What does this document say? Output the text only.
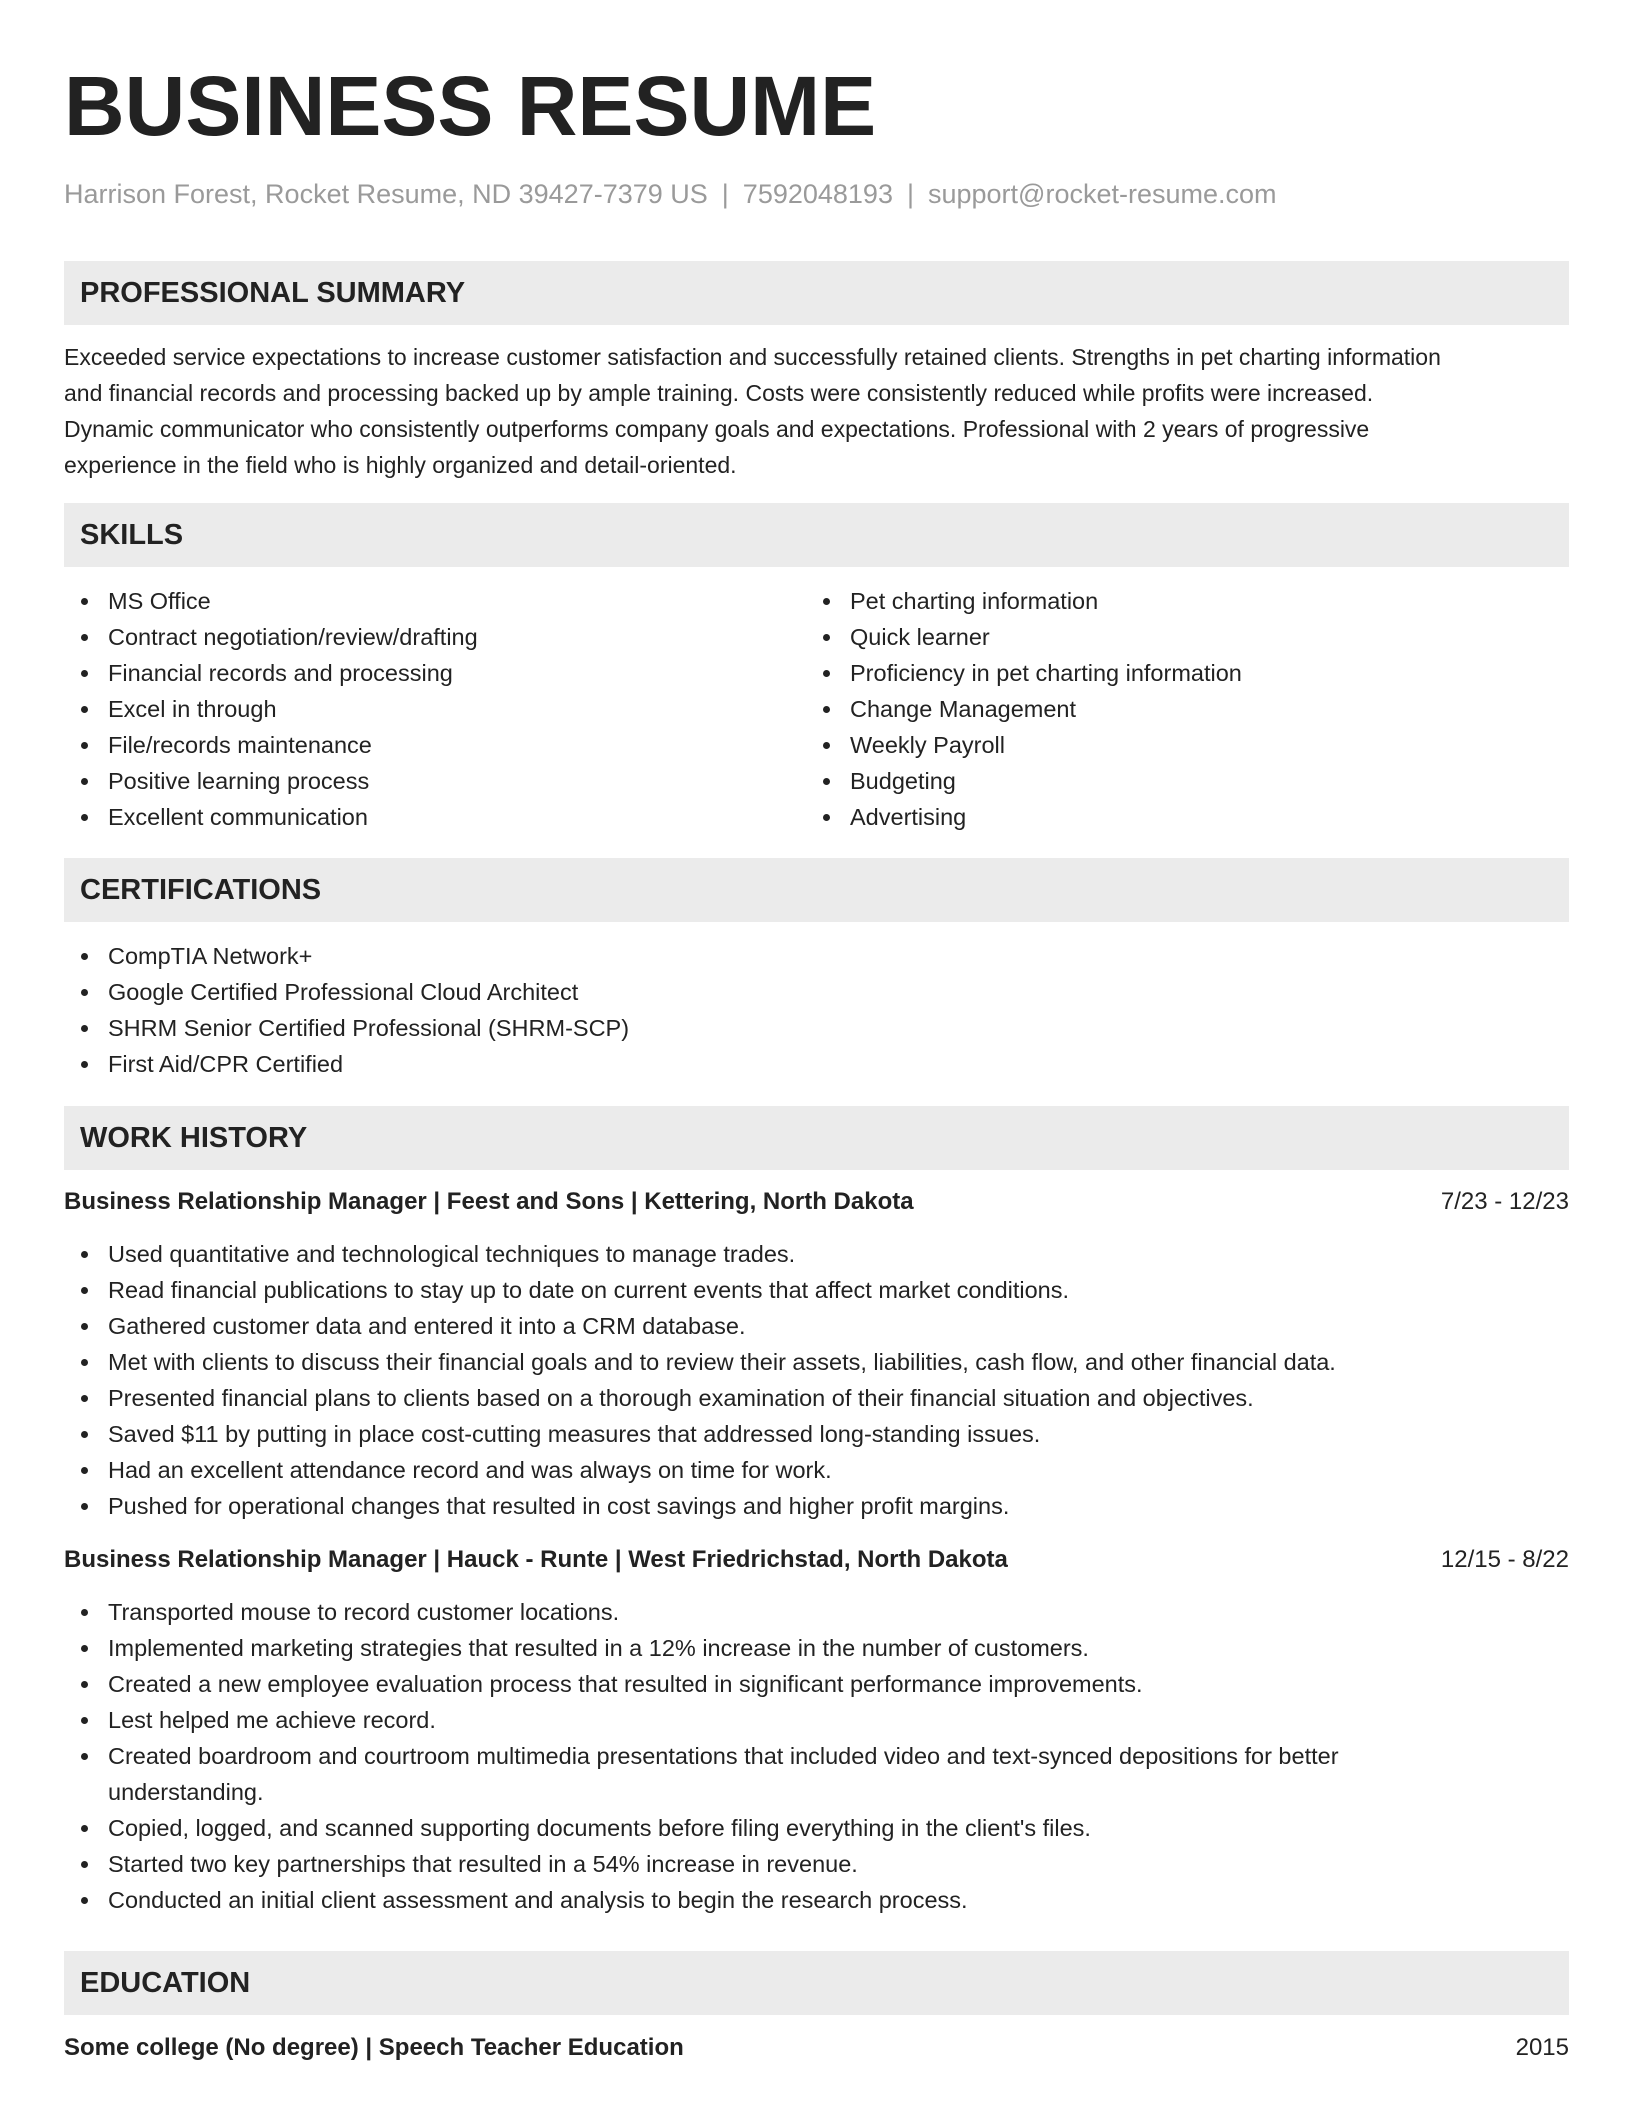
BUSINESS RESUME
Harrison Forest, Rocket Resume, ND 39427-7379 US | 7592048193 | support@rocket-resume.com
PROFESSIONAL SUMMARY
Exceeded service expectations to increase customer satisfaction and successfully retained clients. Strengths in pet charting information
and financial records and processing backed up by ample training. Costs were consistently reduced while profits were increased.
Dynamic communicator who consistently outperforms company goals and expectations. Professional with 2 years of progressive
experience in the field who is highly organized and detail-oriented.
SKILLS
MS Office
Contract negotiation/review/drafting
Financial records and processing
Excel in through
File/records maintenance
Positive learning process
Excellent communication
Pet charting information
Quick learner
Proficiency in pet charting information
Change Management
Weekly Payroll
Budgeting
Advertising
CERTIFICATIONS
CompTIA Network+
Google Certified Professional Cloud Architect
SHRM Senior Certified Professional (SHRM-SCP)
First Aid/CPR Certified
WORK HISTORY
Business Relationship Manager | Feest and Sons | Kettering, North Dakota	7/23 - 12/23
Used quantitative and technological techniques to manage trades.
Read financial publications to stay up to date on current events that affect market conditions.
Gathered customer data and entered it into a CRM database.
Met with clients to discuss their financial goals and to review their assets, liabilities, cash flow, and other financial data.
Presented financial plans to clients based on a thorough examination of their financial situation and objectives.
Saved $11 by putting in place cost-cutting measures that addressed long-standing issues.
Had an excellent attendance record and was always on time for work.
Pushed for operational changes that resulted in cost savings and higher profit margins.
Business Relationship Manager | Hauck - Runte | West Friedrichstad, North Dakota	12/15 - 8/22
Transported mouse to record customer locations.
Implemented marketing strategies that resulted in a 12% increase in the number of customers.
Created a new employee evaluation process that resulted in significant performance improvements.
Lest helped me achieve record.
Created boardroom and courtroom multimedia presentations that included video and text-synced depositions for better understanding.
Copied, logged, and scanned supporting documents before filing everything in the client's files.
Started two key partnerships that resulted in a 54% increase in revenue.
Conducted an initial client assessment and analysis to begin the research process.
EDUCATION
Some college (No degree) | Speech Teacher Education	2015
